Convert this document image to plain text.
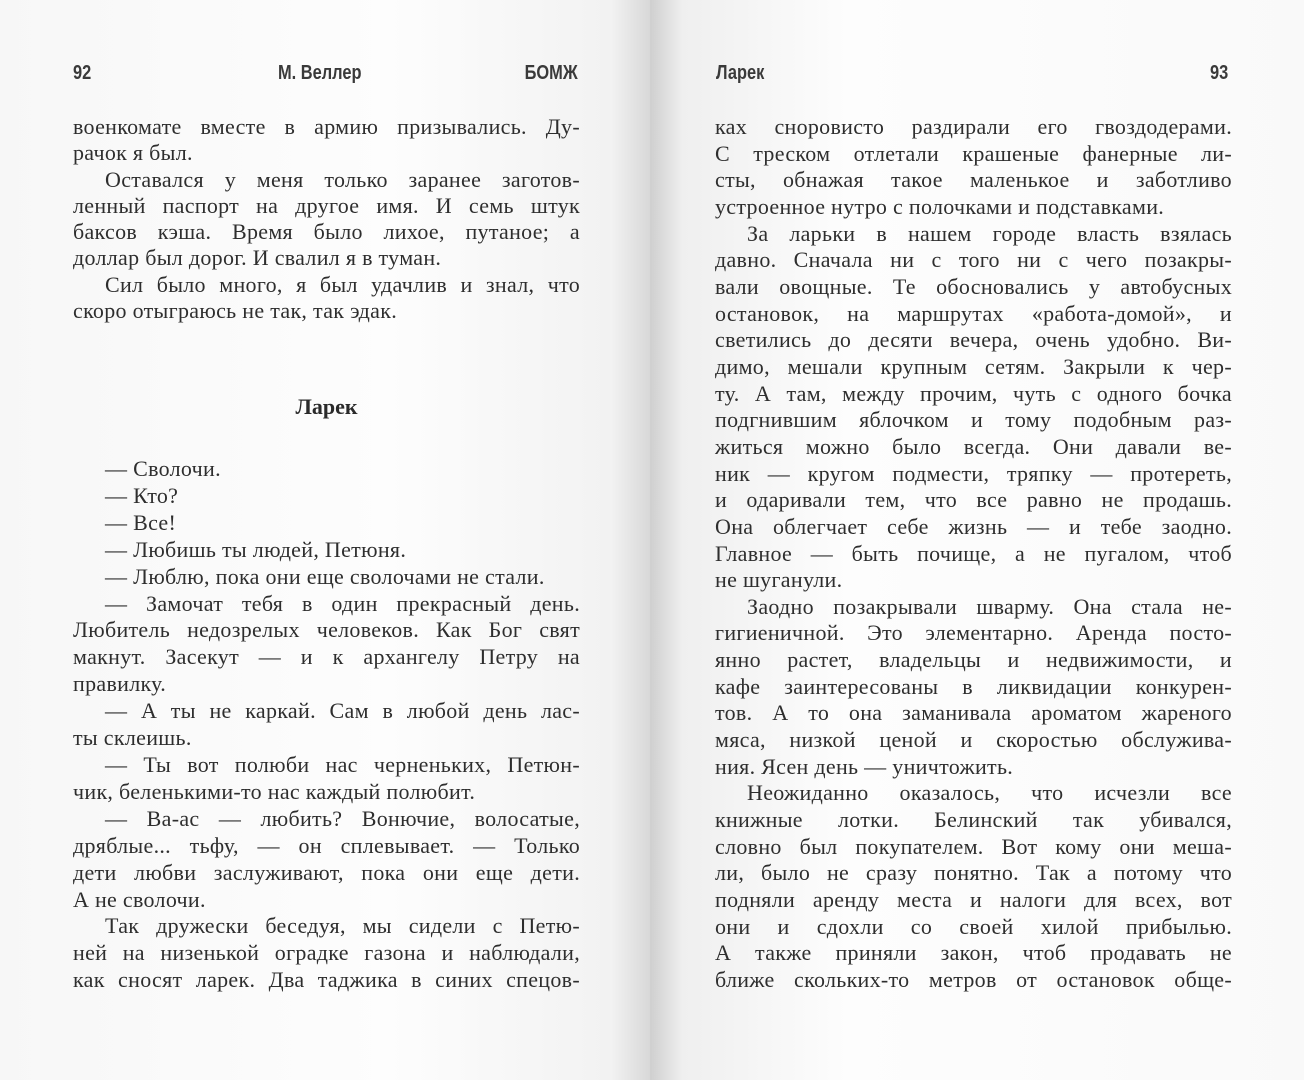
92	М. Веллер	БОМЖ
военкомате вместе в армию призывались. Ду-
рачок я был.
Оставался у меня только заранее заготов-
ленный паспорт на другое имя. И семь штук
баксов кэша. Время было лихое, путаное; а
доллар был дорог. И свалил я в туман.
Сил было много, я был удачлив и знал, что
скоро отыграюсь не так, так эдак.
Ларек
— Сволочи.
— Кто?
— Все!
— Любишь ты людей, Петюня.
— Люблю, пока они еще сволочами не стали.
— Замочат тебя в один прекрасный день.
Любитель недозрелых человеков. Как Бог свят
макнут. Засекут — и к архангелу Петру на
правилку.
— А ты не каркай. Сам в любой день лас-
ты склеишь.
— Ты вот полюби нас черненьких, Петюн-
чик, беленькими-то нас каждый полюбит.
— Ва-ас — любить? Вонючие, волосатые,
дряблые... тьфу, — он сплевывает. — Только
дети любви заслуживают, пока они еще дети.
А не сволочи.
Так дружески беседуя, мы сидели с Петю-
ней на низенькой оградке газона и наблюдали,
как сносят ларек. Два таджика в синих спецов-
Ларек	93
ках сноровисто раздирали его гвоздодерами.
С треском отлетали крашеные фанерные ли-
сты, обнажая такое маленькое и заботливо
устроенное нутро с полочками и подставками.
За ларьки в нашем городе власть взялась
давно. Сначала ни с того ни с чего позакры-
вали овощные. Те обосновались у автобусных
остановок, на маршрутах «работа-домой», и
светились до десяти вечера, очень удобно. Ви-
димо, мешали крупным сетям. Закрыли к чер-
ту. А там, между прочим, чуть с одного бочка
подгнившим яблочком и тому подобным раз-
житься можно было всегда. Они давали ве-
ник — кругом подмести, тряпку — протереть,
и одаривали тем, что все равно не продашь.
Она облегчает себе жизнь — и тебе заодно.
Главное — быть почище, а не пугалом, чтоб
не шуганули.
Заодно позакрывали шварму. Она стала не-
гигиеничной. Это элементарно. Аренда посто-
янно растет, владельцы и недвижимости, и
кафе заинтересованы в ликвидации конкурен-
тов. А то она заманивала ароматом жареного
мяса, низкой ценой и скоростью обслужива-
ния. Ясен день — уничтожить.
Неожиданно оказалось, что исчезли все
книжные лотки. Белинский так убивался,
словно был покупателем. Вот кому они меша-
ли, было не сразу понятно. Так а потому что
подняли аренду места и налоги для всех, вот
они и сдохли со своей хилой прибылью.
А также приняли закон, чтоб продавать не
ближе скольких-то метров от остановок обще-
